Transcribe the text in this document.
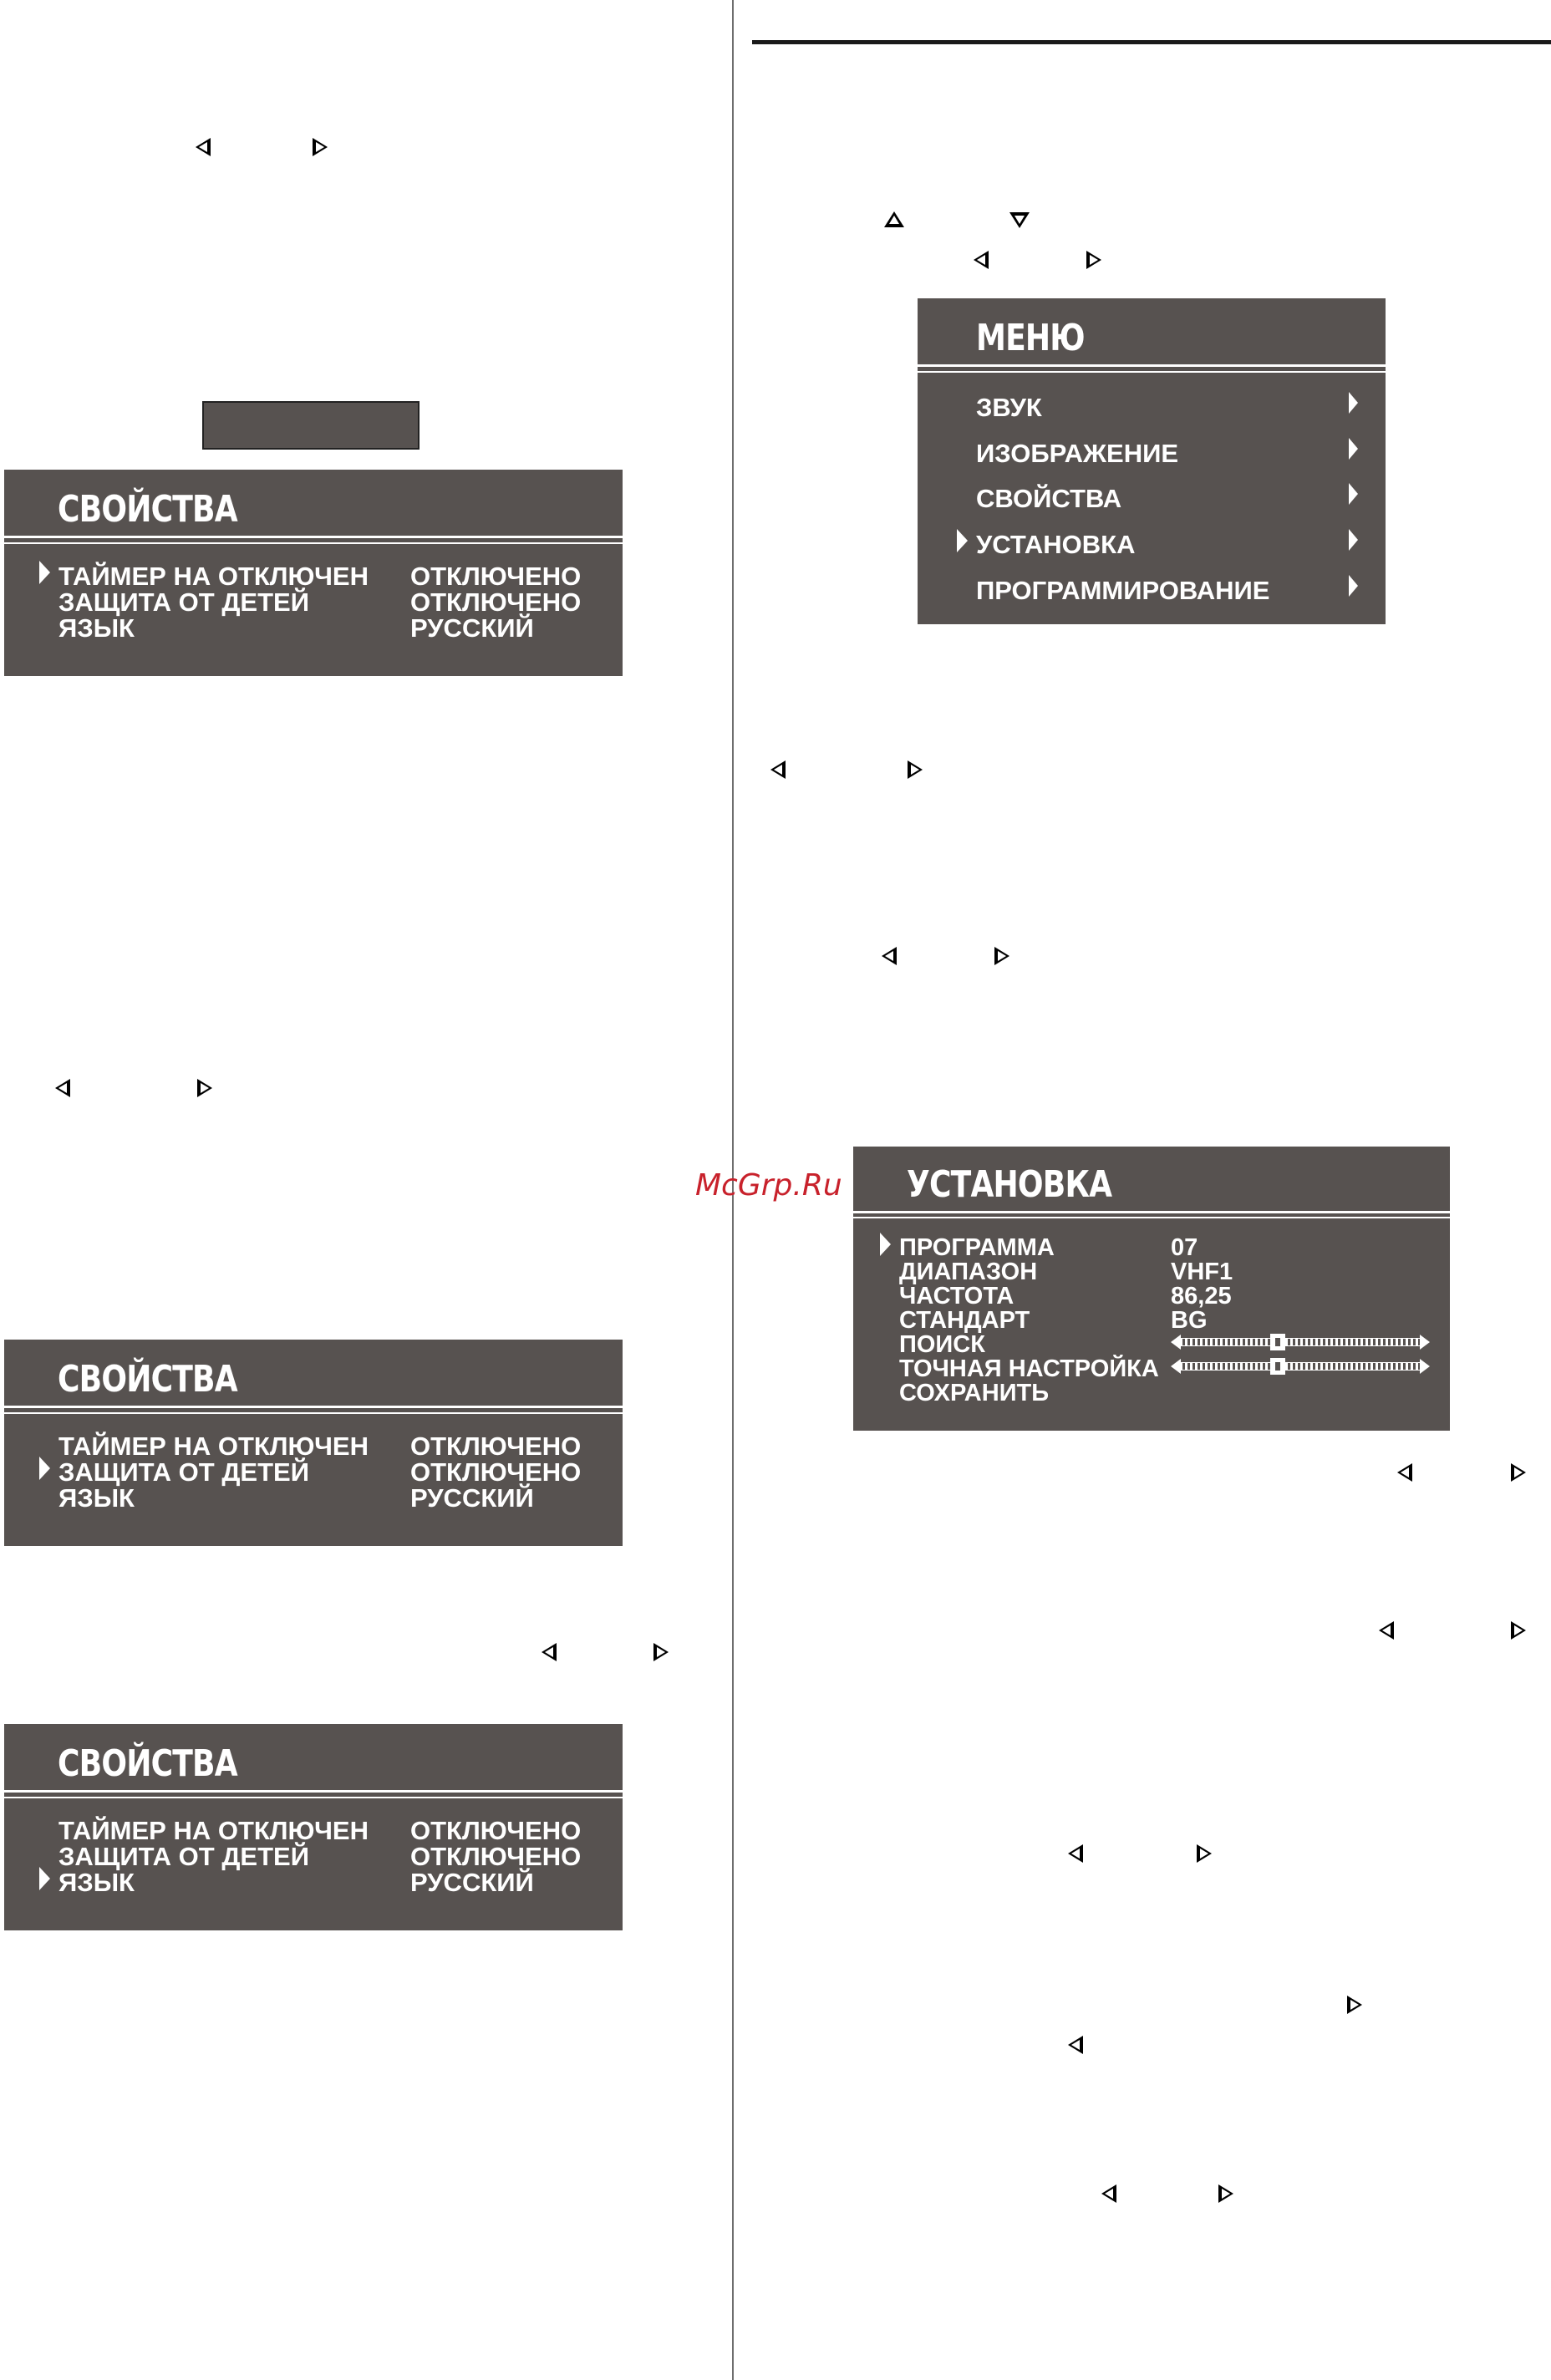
СВОЙСТВА
ТАЙМЕР НА ОТКЛЮЧЕН ОТКЛЮЧЕНО
ЗАЩИТА ОТ ДЕТЕЙ	ОТКЛЮЧЕНО
ЯЗЫК	РУССКИЙ
СВОЙСТВА
ТАЙМЕР НА ОТКЛЮЧЕН ОТКЛЮЧЕНО
ЗАЩИТА ОТ ДЕТЕЙ	ОТКЛЮЧЕНО
ЯЗЫК	РУССКИЙ
СВОЙСТВА
ТАЙМЕР НА ОТКЛЮЧЕН ОТКЛЮЧЕНО
ЗАЩИТА ОТ ДЕТЕЙ	ОТКЛЮЧЕНО
ЯЗЫК	РУССКИЙ
МЕНЮ
ЗВУК
ИЗОБРАЖЕНИЕ
СВОЙСТВА
УСТАНОВКА
ПРОГРАММИРОВАНИЕ
УСТАНОВКА
ПРОГРАММА	07
ДИАПАЗОН	VHF1
ЧАСТОТА	86,25
СТАНДАРТ	BG
ПОИСК
ТОЧНАЯ НАСТРОЙКА
СОХРАНИТЬ
McGrp.Ru
